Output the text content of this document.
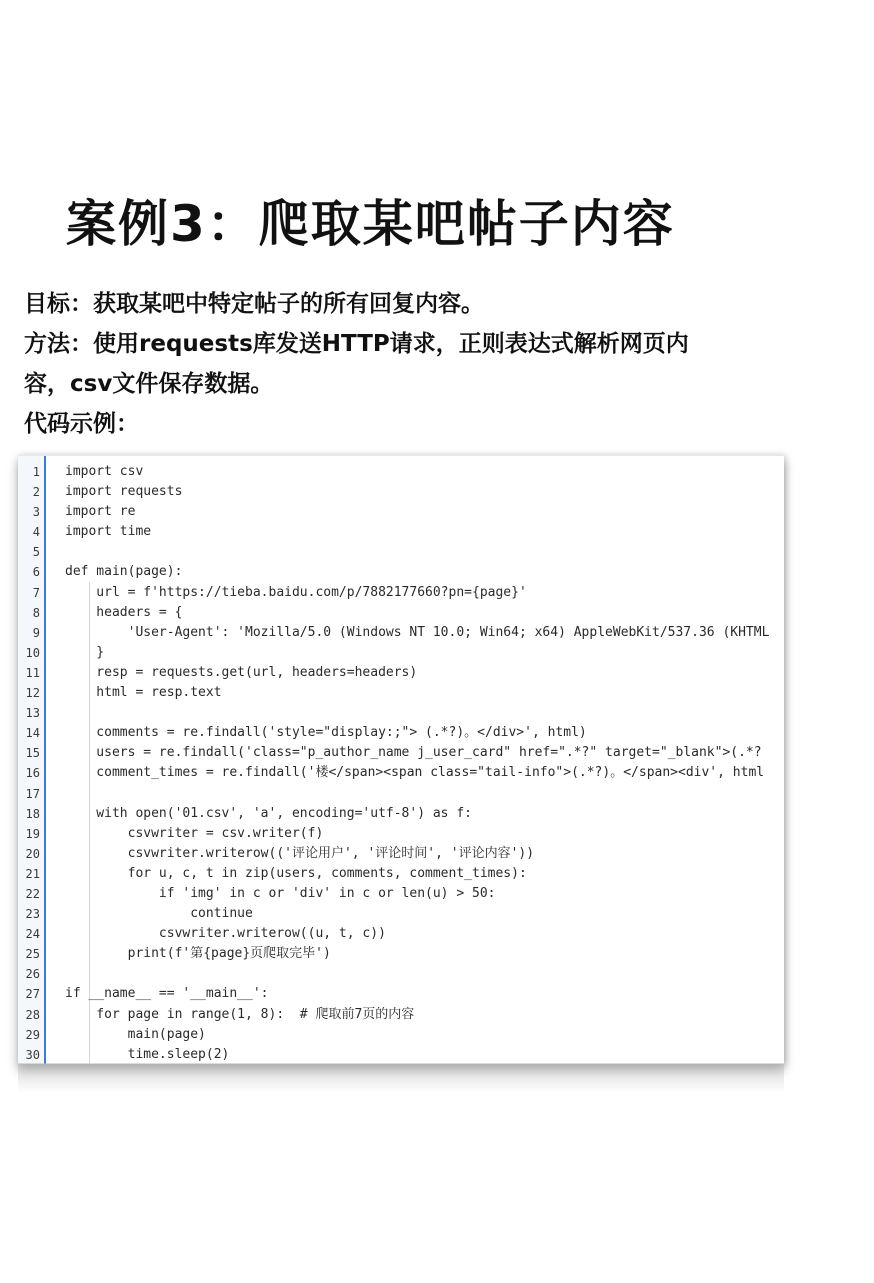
案例3：爬取某吧帖子内容
目标：获取某吧中特定帖子的所有回复内容。
方法：使用requests库发送HTTP请求，正则表达式解析网页内
容，csv文件保存数据。
代码示例：
1 import csv
2 import requests
3 import re
4 import time
5
6 def main(page):
7 url = f'https://tieba.baidu.com/p/7882177660?pn={page}'
8 headers = {
9 'User-Agent': 'Mozilla/5.0 (Windows NT 10.0; Win64; x64) AppleWebKit/537.36 (KHTML
10 }
11 resp = requests.get(url, headers=headers)
12 html = resp.text
13
14 comments = re.findall('style="display:;"> (.*?)。</div>', html)
15 users = re.findall('class="p_author_name j_user_card" href=".*?" target="_blank">(.*?
16 comment_times = re.findall('楼</span><span class="tail-info">(.*?)。</span><div', html
17
18 with open('01.csv', 'a', encoding='utf-8') as f:
19 csvwriter = csv.writer(f)
20 csvwriter.writerow(('评论用户', '评论时间', '评论内容'))
21 for u, c, t in zip(users, comments, comment_times):
22 if 'img' in c or 'div' in c or len(u) > 50:
23 continue
24 csvwriter.writerow((u, t, c))
25 print(f'第{page}页爬取完毕')
26
27 if __name__ == '__main__':
28 for page in range(1, 8):  # 爬取前7页的内容
29 main(page)
30 time.sleep(2)
